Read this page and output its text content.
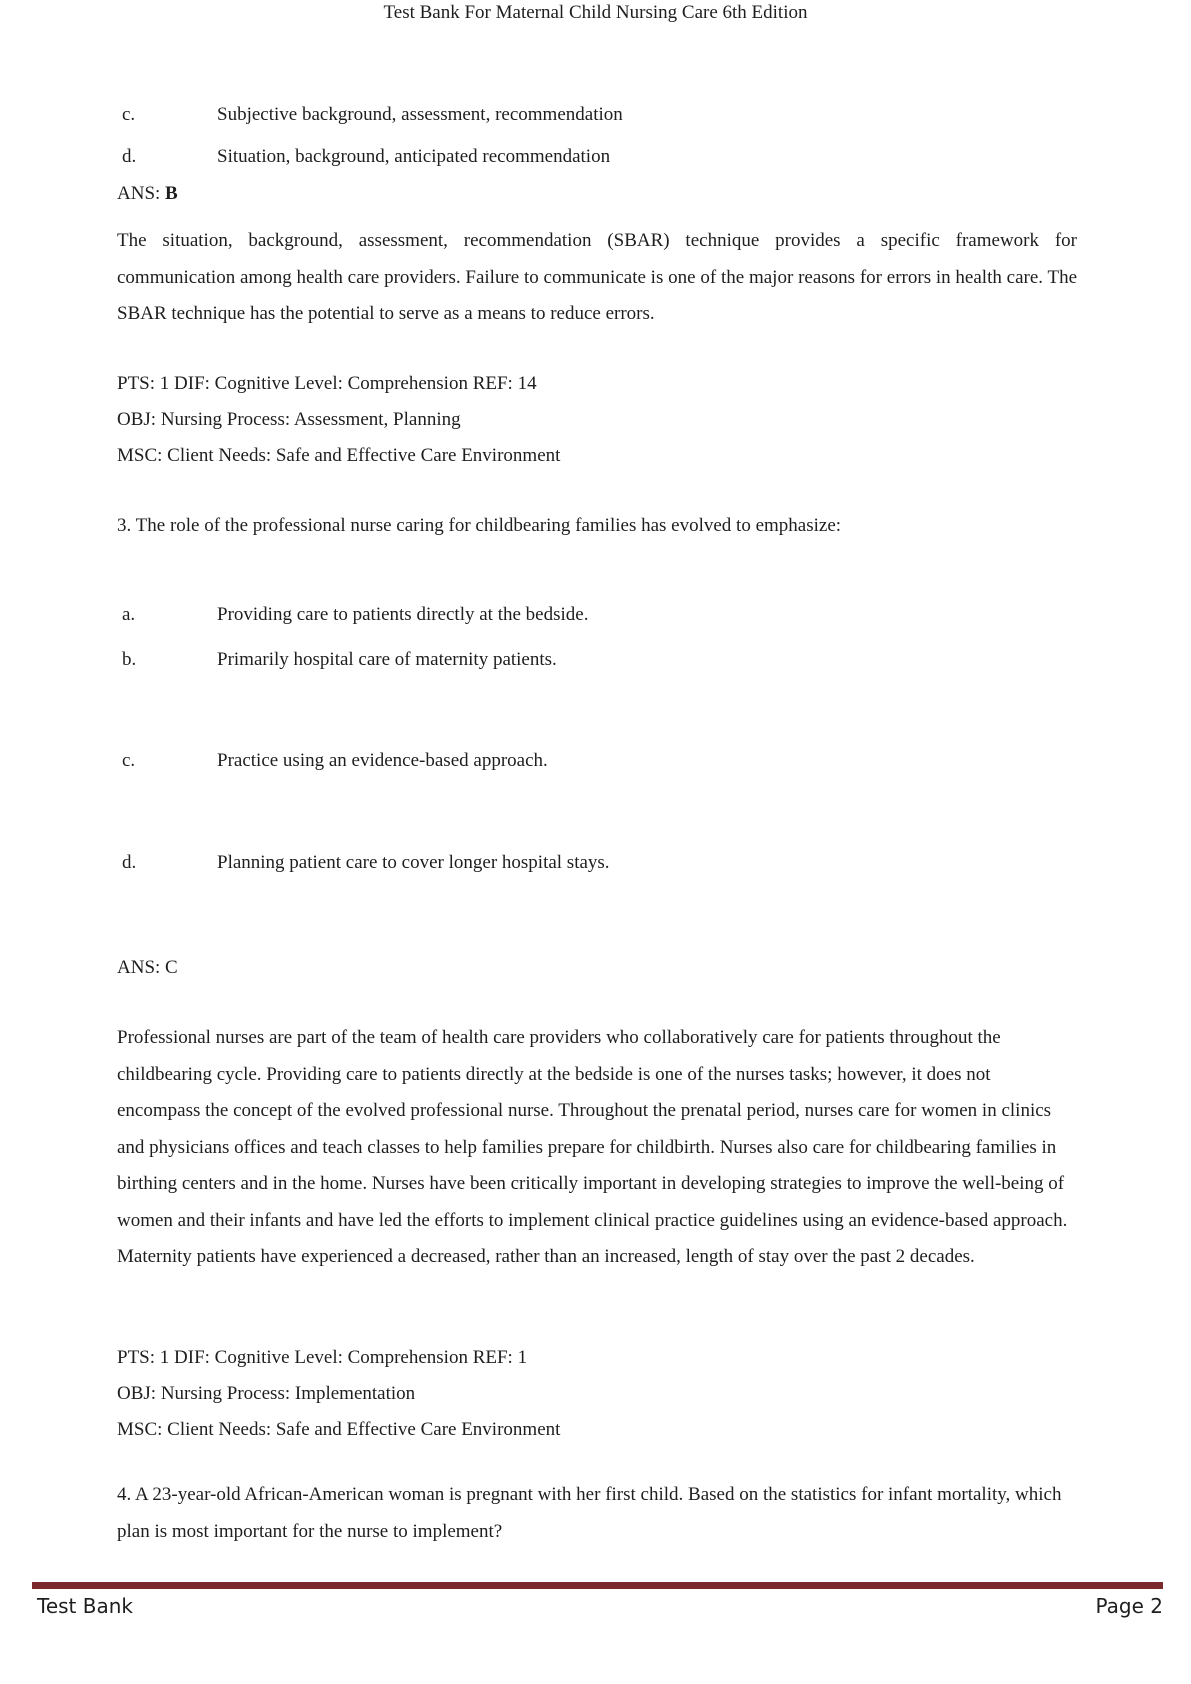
Test Bank For Maternal Child Nursing Care 6th Edition
c.	Subjective background, assessment, recommendation
d.	Situation, background, anticipated recommendation
ANS: B
The situation, background, assessment, recommendation (SBAR) technique provides a specific framework for communication among health care providers. Failure to communicate is one of the major reasons for errors in health care. The SBAR technique has the potential to serve as a means to reduce errors.
PTS: 1 DIF: Cognitive Level: Comprehension REF: 14
OBJ: Nursing Process: Assessment, Planning
MSC: Client Needs: Safe and Effective Care Environment
3. The role of the professional nurse caring for childbearing families has evolved to emphasize:
a.	Providing care to patients directly at the bedside.
b.	Primarily hospital care of maternity patients.
c.	Practice using an evidence-based approach.
d.	Planning patient care to cover longer hospital stays.
ANS: C
Professional nurses are part of the team of health care providers who collaboratively care for patients throughout the childbearing cycle. Providing care to patients directly at the bedside is one of the nurses tasks; however, it does not encompass the concept of the evolved professional nurse. Throughout the prenatal period, nurses care for women in clinics and physicians offices and teach classes to help families prepare for childbirth. Nurses also care for childbearing families in birthing centers and in the home. Nurses have been critically important in developing strategies to improve the well-being of women and their infants and have led the efforts to implement clinical practice guidelines using an evidence-based approach. Maternity patients have experienced a decreased, rather than an increased, length of stay over the past 2 decades.
PTS: 1 DIF: Cognitive Level: Comprehension REF: 1
OBJ: Nursing Process: Implementation
MSC: Client Needs: Safe and Effective Care Environment
4. A 23-year-old African-American woman is pregnant with her first child. Based on the statistics for infant mortality, which plan is most important for the nurse to implement?
Test Bank	Page 2
